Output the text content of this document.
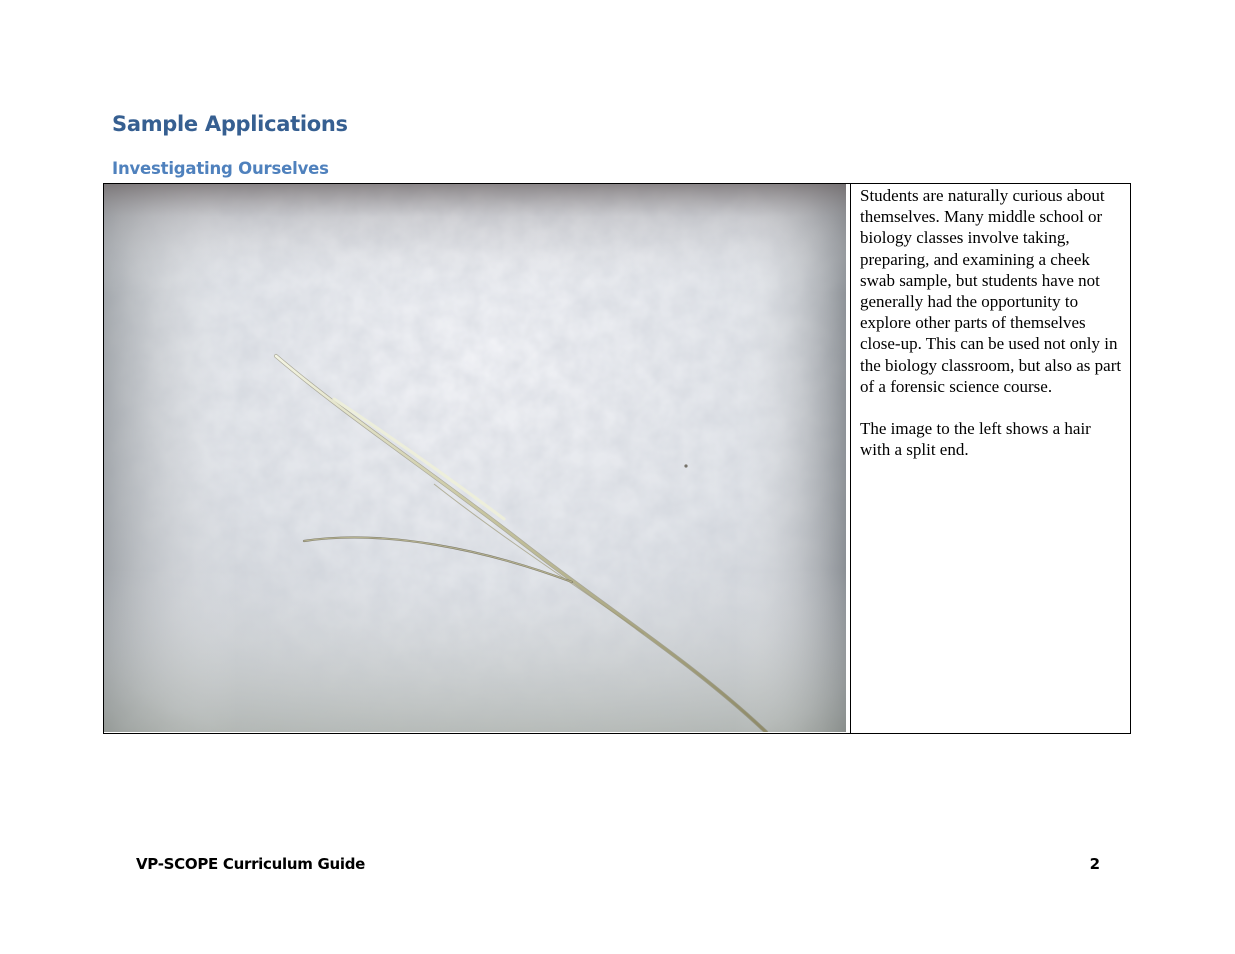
Sample Applications
Investigating Ourselves

Students are naturally curious about themselves. Many middle school or biology classes involve taking, preparing, and examining a cheek swab sample, but students have not generally had the opportunity to explore other parts of themselves close-up. This can be used not only in the biology classroom, but also as part of a forensic science course.

The image to the left shows a hair with a split end.

VP-SCOPE Curriculum Guide	2
